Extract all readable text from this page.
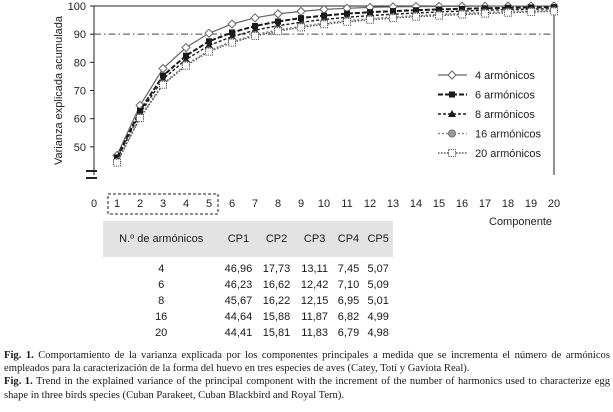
50
60
70
80
90
100
Varianza explicada acumulada
0 1 2 3 4 5 6 7 8 9 10 11 12 13 14 15 16 17 18 19 20
Componente
4 armónicos
6 armónicos
8 armónicos
16 armónicos
20 armónicos
N.º de armónicos	CP1	CP2	CP3	CP4	CP5
4	46,96	17,73	13,11	7,45	5,07
6	46,23	16,62	12,42	7,10	5,09
8	45,67	16,22	12,15	6,95	5,01
16	44,64	15,88	11,87	6,82	4,99
20	44,41	15,81	11,83	6,79	4,98

Fig. 1. Comportamiento de la varianza explicada por los componentes principales a medida que se incrementa el número de armónicos empleados para la caracterización de la forma del huevo en tres especies de aves (Catey, Totí y Gaviota Real).

Fig. 1. Trend in the explained variance of the principal component with the increment of the number of harmonics used to characterize egg shape in three birds species (Cuban Parakeet, Cuban Blackbird and Royal Tern).
